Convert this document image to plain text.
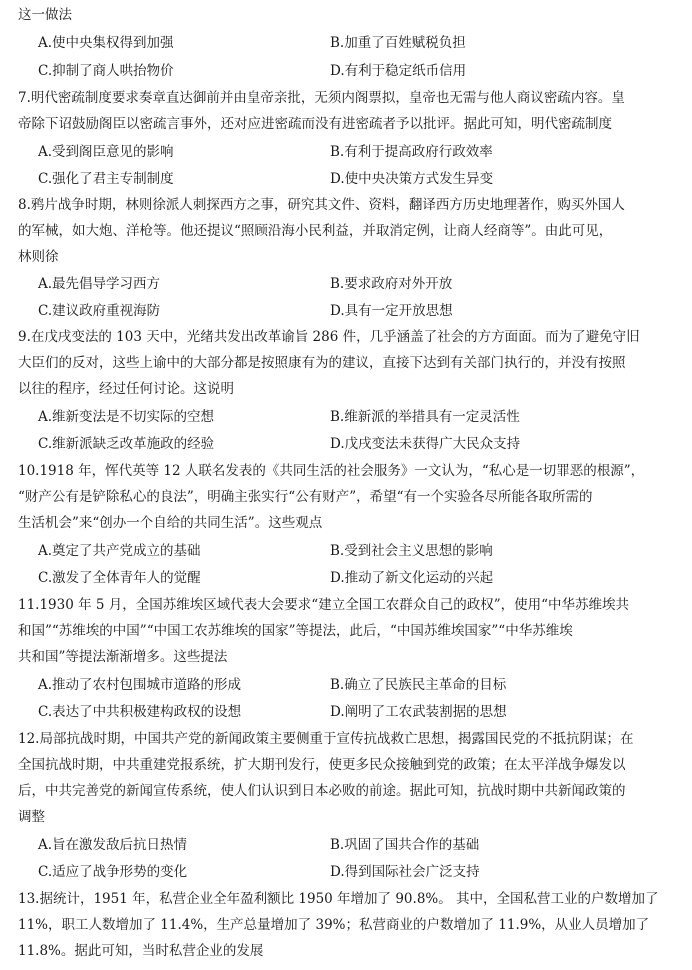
这一做法
A.使中央集权得到加强	B.加重了百姓赋税负担
C.抑制了商人哄抬物价	D.有利于稳定纸币信用
7.明代密疏制度要求奏章直达御前并由皇帝亲批，无须内阁票拟，皇帝也无需与他人商议密疏内容。皇
帝除下诏鼓励阁臣以密疏言事外，还对应进密疏而没有进密疏者予以批评。据此可知，明代密疏制度
A.受到阁臣意见的影响	B.有利于提高政府行政效率
C.强化了君主专制制度	D.使中央决策方式发生异变
8.鸦片战争时期，林则徐派人刺探西方之事，研究其文件、资料，翻译西方历史地理著作，购买外国人
的军械，如大炮、洋枪等。他还提议“照顾沿海小民利益，并取消定例，让商人经商等”。由此可见，
林则徐
A.最先倡导学习西方	B.要求政府对外开放
C.建议政府重视海防	D.具有一定开放思想
9.在戊戌变法的 103 天中，光绪共发出改革谕旨 286 件，几乎涵盖了社会的方方面面。而为了避免守旧
大臣们的反对，这些上谕中的大部分都是按照康有为的建议，直接下达到有关部门执行的，并没有按照
以往的程序，经过任何讨论。这说明
A.维新变法是不切实际的空想	B.维新派的举措具有一定灵活性
C.维新派缺乏改革施政的经验	D.戊戌变法未获得广大民众支持
10.1918 年，恽代英等 12 人联名发表的《共同生活的社会服务》一文认为，“私心是一切罪恶的根源”，
“财产公有是铲除私心的良法”，明确主张实行“公有财产”，希望“有一个实验各尽所能各取所需的
生活机会”来“创办一个自给的共同生活”。这些观点
A.奠定了共产党成立的基础	B.受到社会主义思想的影响
C.激发了全体青年人的觉醒	D.推动了新文化运动的兴起
11.1930 年 5 月，全国苏维埃区域代表大会要求“建立全国工农群众自己的政权”，使用“中华苏维埃共
和国”“苏维埃的中国”“中国工农苏维埃的国家”等提法，此后，“中国苏维埃国家”“中华苏维埃
共和国”等提法渐渐增多。这些提法
A.推动了农村包围城市道路的形成	B.确立了民族民主革命的目标
C.表达了中共积极建构政权的设想	D.阐明了工农武装割据的思想
12.局部抗战时期，中国共产党的新闻政策主要侧重于宣传抗战救亡思想，揭露国民党的不抵抗阴谋；在
全国抗战时期，中共重建党报系统，扩大期刊发行，使更多民众接触到党的政策；在太平洋战争爆发以
后，中共完善党的新闻宣传系统，使人们认识到日本必败的前途。据此可知，抗战时期中共新闻政策的
调整
A.旨在激发敌后抗日热情	B.巩固了国共合作的基础
C.适应了战争形势的变化	D.得到国际社会广泛支持
13.据统计，1951 年，私营企业全年盈利额比 1950 年增加了 90.8%。 其中，全国私营工业的户数增加了
11%，职工人数增加了 11.4%，生产总量增加了 39%；私营商业的户数增加了 11.9%，从业人员增加了
11.8%。据此可知，当时私营企业的发展
